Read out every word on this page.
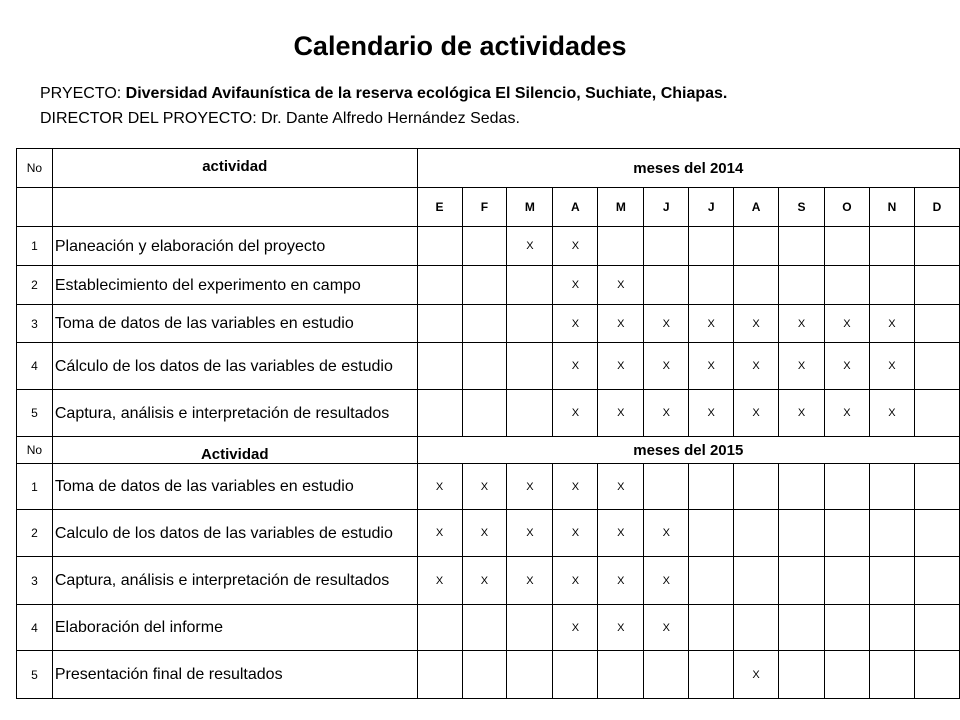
Calendario de actividades
PRYECTO: Diversidad Avifaunística de la reserva ecológica El Silencio, Suchiate, Chiapas.
DIRECTOR DEL PROYECTO: Dr. Dante Alfredo Hernández Sedas.
No	actividad	meses del 2014											
		E	F	M	A	M	J	J	A	S	O	N	D
1	Planeación y elaboración del proyecto			X	X								
2	Establecimiento del experimento en campo				X	X							
3	Toma de datos de las variables en estudio				X	X	X	X	X	X	X	X	
4	Cálculo de los datos de las variables de estudio				X	X	X	X	X	X	X	X	
5	Captura, análisis e interpretación de resultados				X	X	X	X	X	X	X	X	
No	Actividad	meses del 2015											
1	Toma de datos de las variables en estudio	X	X	X	X	X							
2	Calculo de los datos de las variables de estudio	X	X	X	X	X	X						
3	Captura, análisis e interpretación de resultados	X	X	X	X	X	X						
4	Elaboración del informe				X	X	X						
5	Presentación final de resultados								X				
